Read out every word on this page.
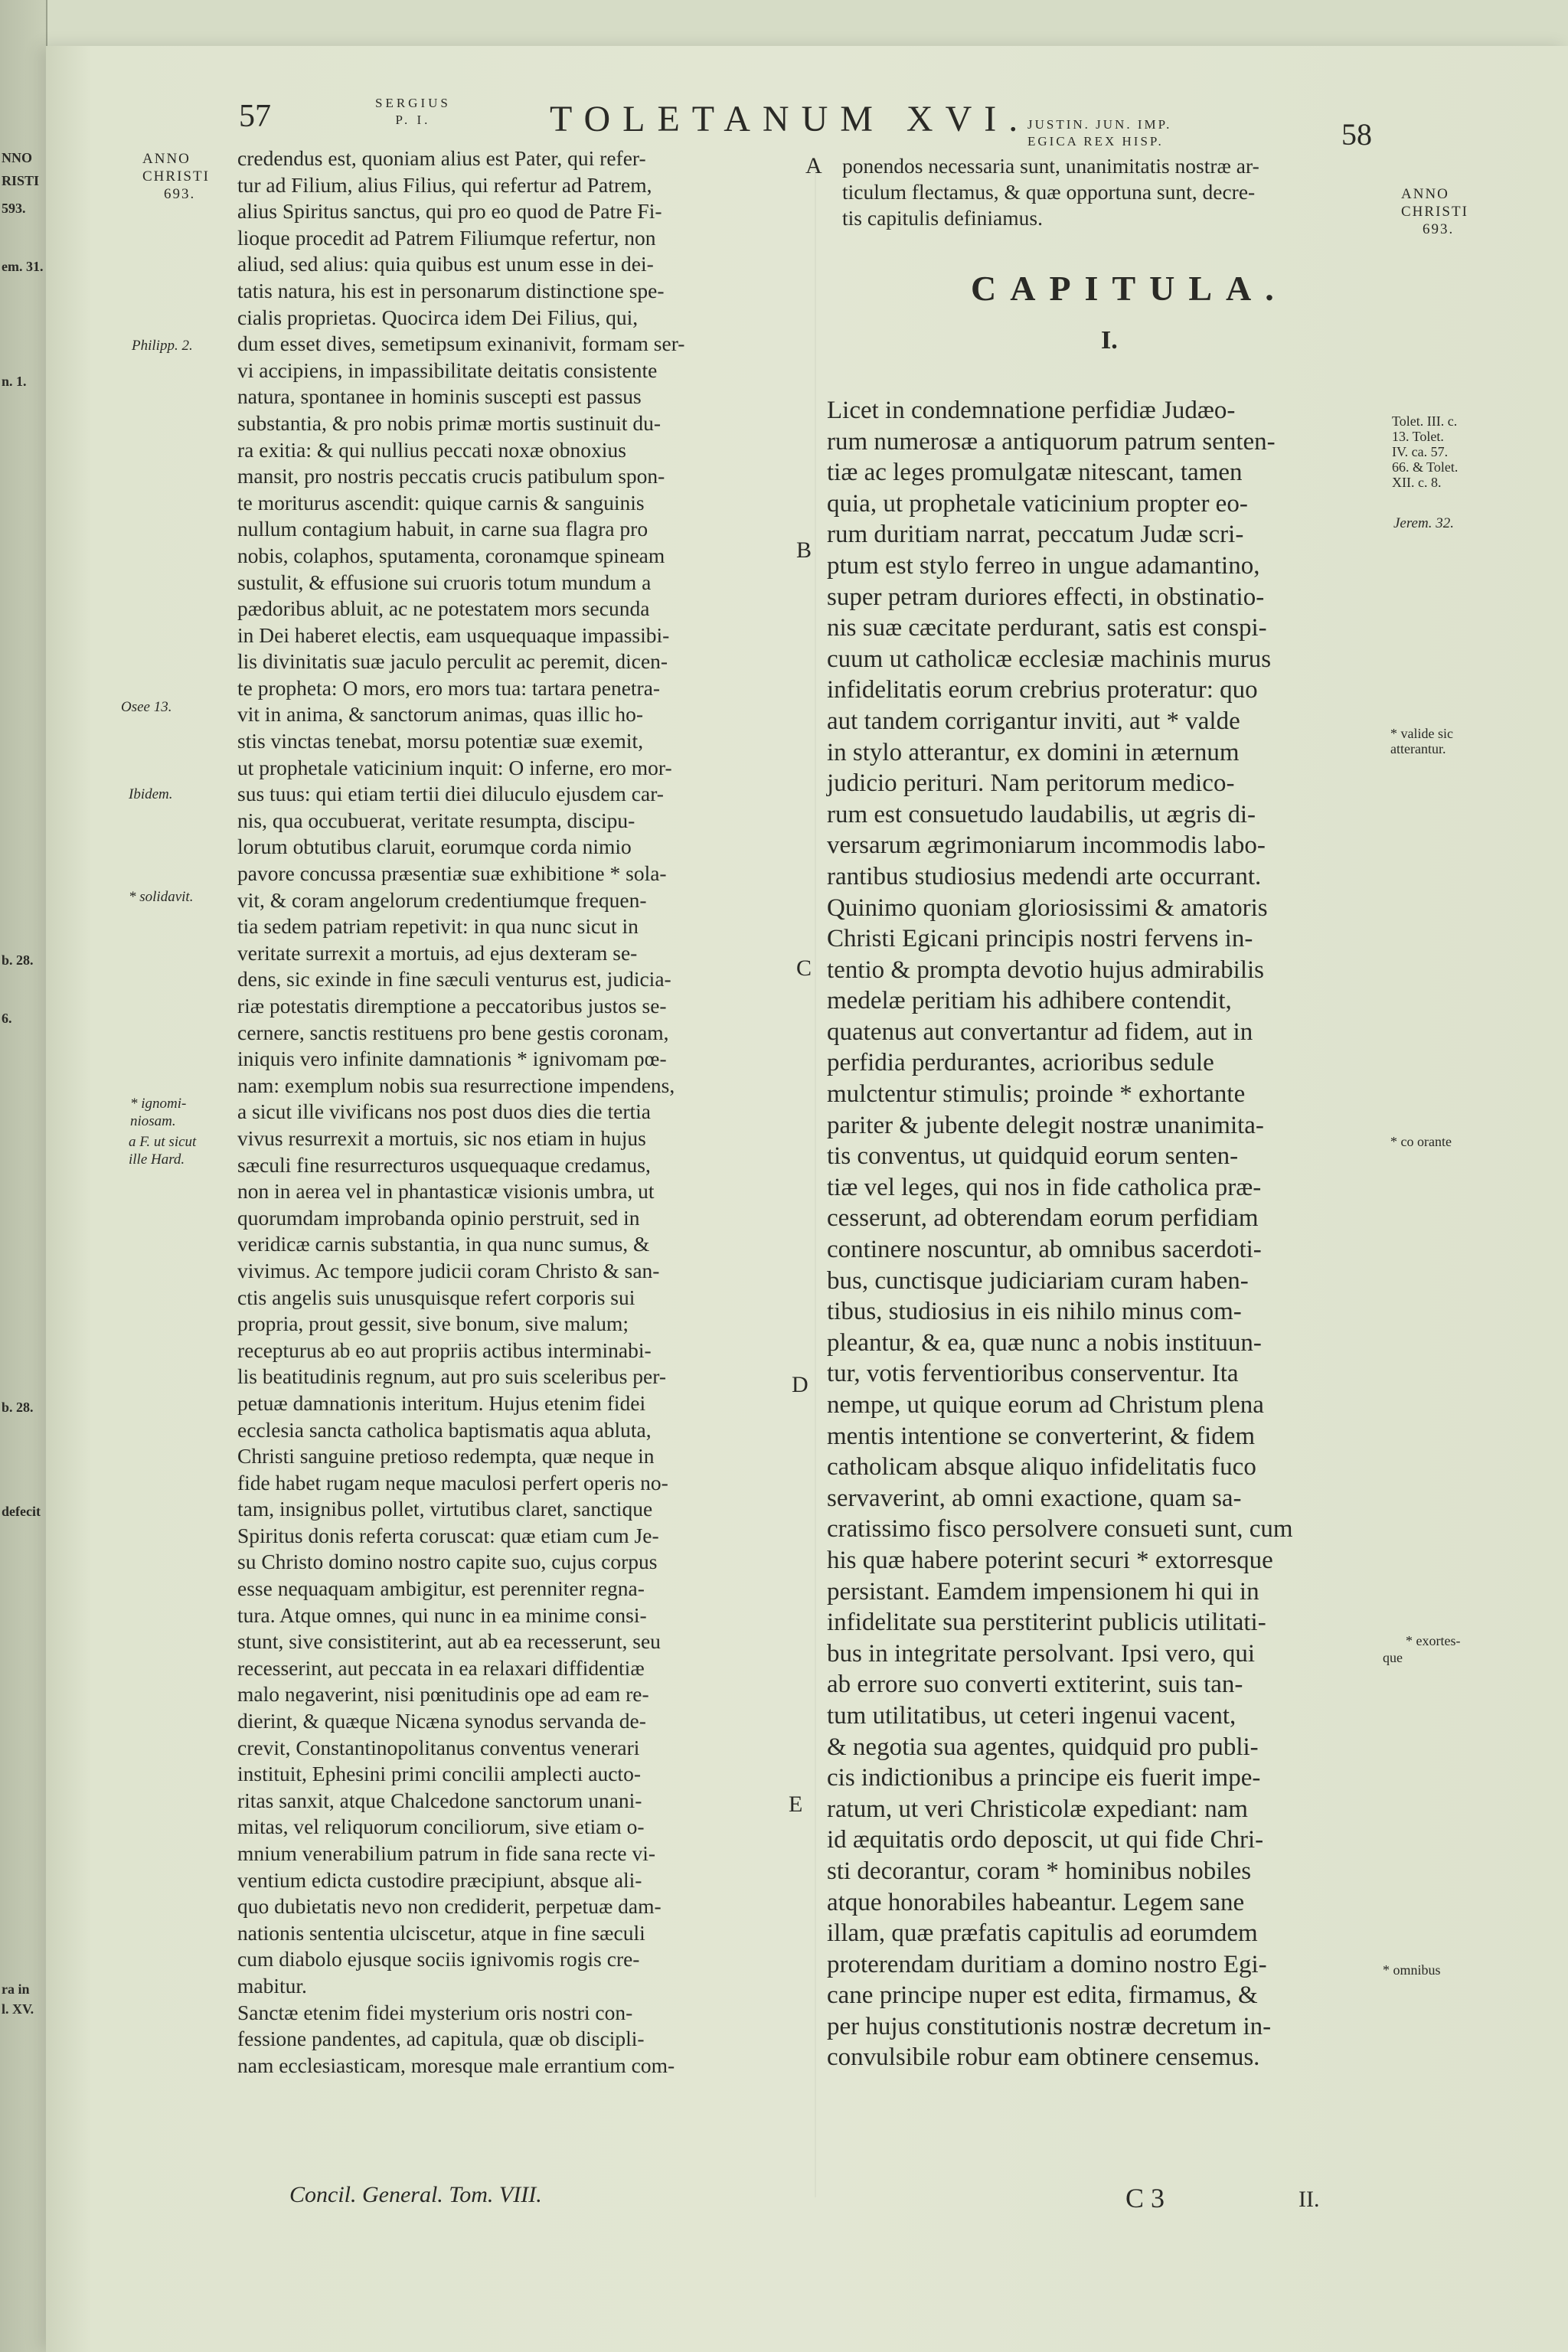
NNO
RISTI
593.
em. 31.
n. 1.
b. 28.
6.
b. 28.
defecit
ra in
l. XV.
57	SERGIUS
P. I.	TOLETANUM XVI.
JUSTIN. JUN. IMP.
EGICA REX HISP.	58
ANNO
CHRISTI
693.
Philipp. 2.
Osee 13.
Ibidem.
* solidavit.
* ignomi-
niosam.
a F. ut sicut
ille Hard.
A
B
C
D
E
credendus est, quoniam alius est Pater, qui refer-
tur ad Filium, alius Filius, qui refertur ad Patrem,
alius Spiritus sanctus, qui pro eo quod de Patre Fi-
lioque procedit ad Patrem Filiumque refertur, non
aliud, sed alius: quia quibus est unum esse in dei-
tatis natura, his est in personarum distinctione spe-
cialis proprietas. Quocirca idem Dei Filius, qui,
dum esset dives, semetipsum exinanivit, formam ser-
vi accipiens, in impassibilitate deitatis consistente
natura, spontanee in hominis suscepti est passus
substantia, & pro nobis primæ mortis sustinuit du-
ra exitia: & qui nullius peccati noxæ obnoxius
mansit, pro nostris peccatis crucis patibulum spon-
te moriturus ascendit: quique carnis & sanguinis
nullum contagium habuit, in carne sua flagra pro
nobis, colaphos, sputamenta, coronamque spineam
sustulit, & effusione sui cruoris totum mundum a
pædoribus abluit, ac ne potestatem mors secunda
in Dei haberet electis, eam usquequaque impassibi-
lis divinitatis suæ jaculo perculit ac peremit, dicen-
te propheta: O mors, ero mors tua: tartara penetra-
vit in anima, & sanctorum animas, quas illic ho-
stis vinctas tenebat, morsu potentiæ suæ exemit,
ut prophetale vaticinium inquit: O inferne, ero mor-
sus tuus: qui etiam tertii diei diluculo ejusdem car-
nis, qua occubuerat, veritate resumpta, discipu-
lorum obtutibus claruit, eorumque corda nimio
pavore concussa præsentiæ suæ exhibitione * sola-
vit, & coram angelorum credentiumque frequen-
tia sedem patriam repetivit: in qua nunc sicut in
veritate surrexit a mortuis, ad ejus dexteram se-
dens, sic exinde in fine sæculi venturus est, judicia-
riæ potestatis diremptione a peccatoribus justos se-
cernere, sanctis restituens pro bene gestis coronam,
iniquis vero infinite damnationis * ignivomam pœ-
nam: exemplum nobis sua resurrectione impendens,
a sicut ille vivificans nos post duos dies die tertia
vivus resurrexit a mortuis, sic nos etiam in hujus
sæculi fine resurrecturos usquequaque credamus,
non in aerea vel in phantasticæ visionis umbra, ut
quorumdam improbanda opinio perstruit, sed in
veridicæ carnis substantia, in qua nunc sumus, &
vivimus. Ac tempore judicii coram Christo & san-
ctis angelis suis unusquisque refert corporis sui
propria, prout gessit, sive bonum, sive malum;
recepturus ab eo aut propriis actibus interminabi-
lis beatitudinis regnum, aut pro suis sceleribus per-
petuæ damnationis interitum. Hujus etenim fidei
ecclesia sancta catholica baptismatis aqua abluta,
Christi sanguine pretioso redempta, quæ neque in
fide habet rugam neque maculosi perfert operis no-
tam, insignibus pollet, virtutibus claret, sanctique
Spiritus donis referta coruscat: quæ etiam cum Je-
su Christo domino nostro capite suo, cujus corpus
esse nequaquam ambigitur, est perenniter regna-
tura. Atque omnes, qui nunc in ea minime consi-
stunt, sive consistiterint, aut ab ea recesserunt, seu
recesserint, aut peccata in ea relaxari diffidentiæ
malo negaverint, nisi pœnitudinis ope ad eam re-
dierint, & quæque Nicæna synodus servanda de-
crevit, Constantinopolitanus conventus venerari
instituit, Ephesini primi concilii amplecti aucto-
ritas sanxit, atque Chalcedone sanctorum unani-
mitas, vel reliquorum conciliorum, sive etiam o-
mnium venerabilium patrum in fide sana recte vi-
ventium edicta custodire præcipiunt, absque ali-
quo dubietatis nevo non crediderit, perpetuæ dam-
nationis sententia ulciscetur, atque in fine sæculi
cum diabolo ejusque sociis ignivomis rogis cre-
mabitur.
Sanctæ etenim fidei mysterium oris nostri con-
fessione pandentes, ad capitula, quæ ob discipli-
nam ecclesiasticam, moresque male errantium com-
ponendos necessaria sunt, unanimitatis nostræ ar-
ticulum flectamus, & quæ opportuna sunt, decre-
tis capitulis definiamus.
CAPITULA.
I.
Licet in condemnatione perfidiæ Judæo-
rum numerosæ a antiquorum patrum senten-
tiæ ac leges promulgatæ nitescant, tamen
quia, ut prophetale vaticinium propter eo-
rum duritiam narrat, peccatum Judæ scri-
ptum est stylo ferreo in ungue adamantino,
super petram duriores effecti, in obstinatio-
nis suæ cæcitate perdurant, satis est conspi-
cuum ut catholicæ ecclesiæ machinis murus
infidelitatis eorum crebrius proteratur: quo
aut tandem corrigantur inviti, aut * valde
in stylo atterantur, ex domini in æternum
judicio perituri. Nam peritorum medico-
rum est consuetudo laudabilis, ut ægris di-
versarum ægrimoniarum incommodis labo-
rantibus studiosius medendi arte occurrant.
Quinimo quoniam gloriosissimi & amatoris
Christi Egicani principis nostri fervens in-
tentio & prompta devotio hujus admirabilis
medelæ peritiam his adhibere contendit,
quatenus aut convertantur ad fidem, aut in
perfidia perdurantes, acrioribus sedule
mulctentur stimulis; proinde * exhortante
pariter & jubente delegit nostræ unanimita-
tis conventus, ut quidquid eorum senten-
tiæ vel leges, qui nos in fide catholica præ-
cesserunt, ad obterendam eorum perfidiam
continere noscuntur, ab omnibus sacerdoti-
bus, cunctisque judiciariam curam haben-
tibus, studiosius in eis nihilo minus com-
pleantur, & ea, quæ nunc a nobis instituun-
tur, votis ferventioribus conserventur. Ita
nempe, ut quique eorum ad Christum plena
mentis intentione se converterint, & fidem
catholicam absque aliquo infidelitatis fuco
servaverint, ab omni exactione, quam sa-
cratissimo fisco persolvere consueti sunt, cum
his quæ habere poterint securi * extorresque
persistant. Eamdem impensionem hi qui in
infidelitate sua perstiterint publicis utilitati-
bus in integritate persolvant. Ipsi vero, qui
ab errore suo converti extiterint, suis tan-
tum utilitatibus, ut ceteri ingenui vacent,
& negotia sua agentes, quidquid pro publi-
cis indictionibus a principe eis fuerit impe-
ratum, ut veri Christicolæ expediant: nam
id æquitatis ordo deposcit, ut qui fide Chri-
sti decorantur, coram * hominibus nobiles
atque honorabiles habeantur. Legem sane
illam, quæ præfatis capitulis ad eorumdem
proterendam duritiam a domino nostro Egi-
cane principe nuper est edita, firmamus, &
per hujus constitutionis nostræ decretum in-
convulsibile robur eam obtinere censemus.
ANNO
CHRISTI
693.
Tolet. III. c.
13. Tolet.
IV. ca. 57.
66. & Tolet.
XII. c. 8.
Jerem. 32.
* valide sic
atterantur.
* co orante
* exortes-
que
* omnibus
Concil. General. Tom. VIII.	C 3	II.
